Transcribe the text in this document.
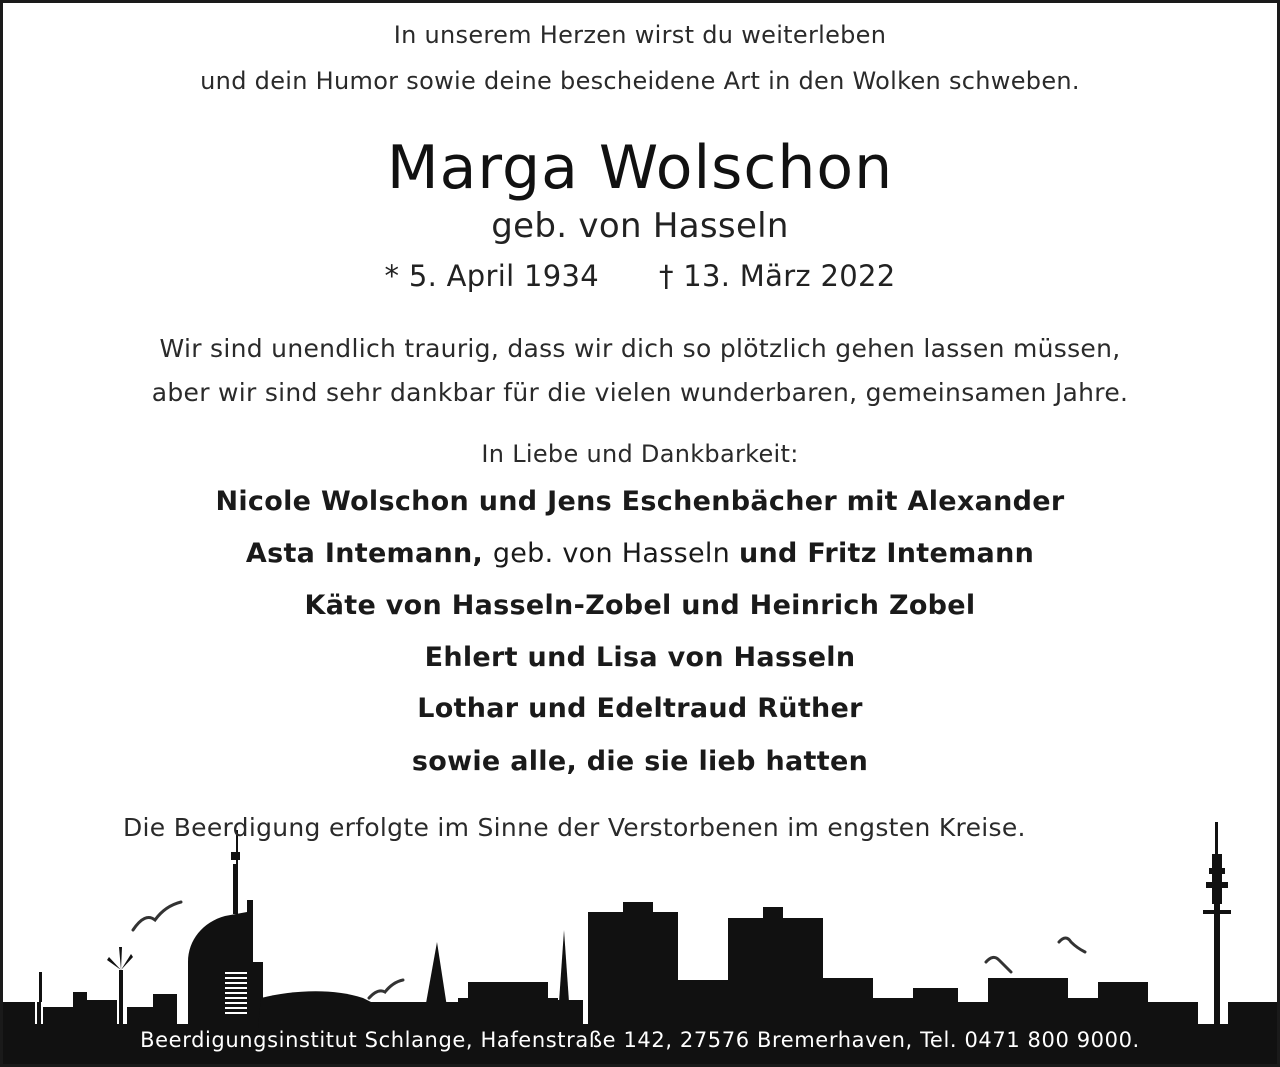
In unserem Herzen wirst du weiterleben
und dein Humor sowie deine bescheidene Art in den Wolken schweben.
Marga Wolschon
geb. von Hasseln
* 5. April 1934 † 13. März 2022
Wir sind unendlich traurig, dass wir dich so plötzlich gehen lassen müssen,
aber wir sind sehr dankbar für die vielen wunderbaren, gemeinsamen Jahre.
In Liebe und Dankbarkeit:
Nicole Wolschon und Jens Eschenbächer mit Alexander
Asta Intemann, geb. von Hasseln und Fritz Intemann
Käte von Hasseln-Zobel und Heinrich Zobel
Ehlert und Lisa von Hasseln
Lothar und Edeltraud Rüther
sowie alle, die sie lieb hatten
Die Beerdigung erfolgte im Sinne der Verstorbenen im engsten Kreise.
Beerdigungsinstitut Schlange, Hafenstraße 142, 27576 Bremerhaven, Tel. 0471 800 9000.
